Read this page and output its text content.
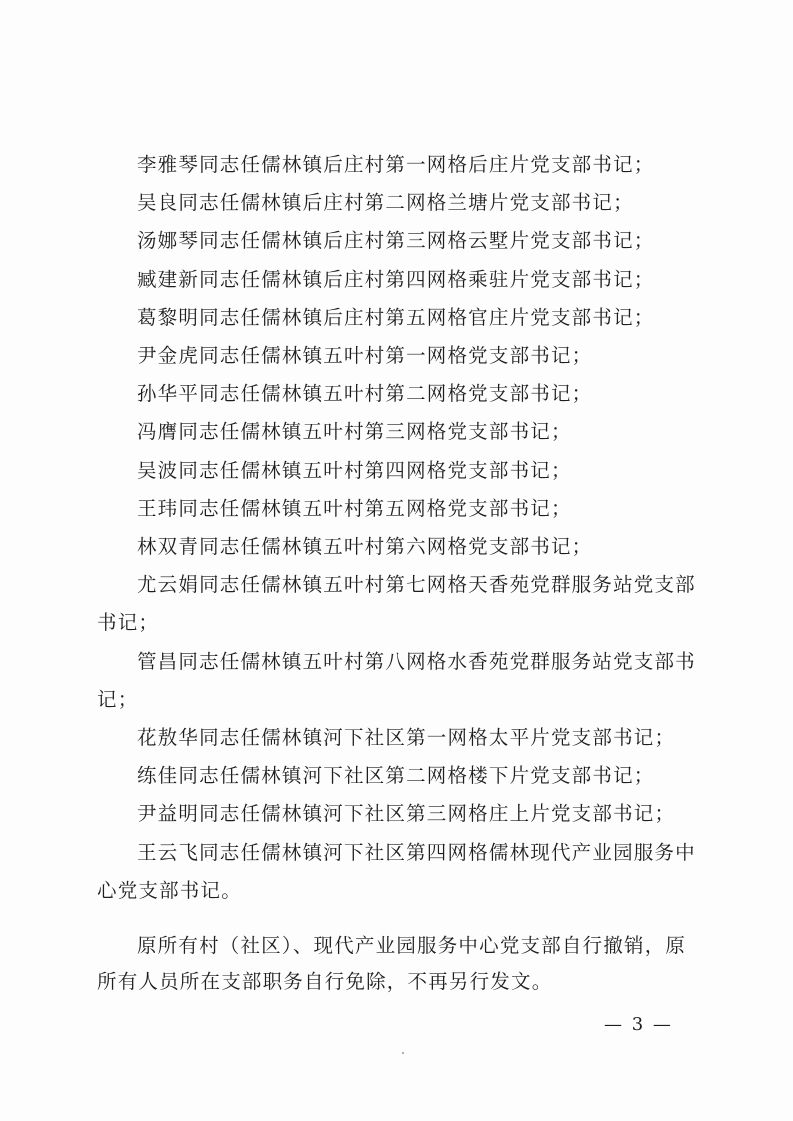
李雅琴同志任儒林镇后庄村第一网格后庄片党支部书记；

吴良同志任儒林镇后庄村第二网格兰塘片党支部书记；

汤娜琴同志任儒林镇后庄村第三网格云墅片党支部书记；

臧建新同志任儒林镇后庄村第四网格乘驻片党支部书记；

葛黎明同志任儒林镇后庄村第五网格官庄片党支部书记；

尹金虎同志任儒林镇五叶村第一网格党支部书记；

孙华平同志任儒林镇五叶村第二网格党支部书记；

冯膺同志任儒林镇五叶村第三网格党支部书记；

吴波同志任儒林镇五叶村第四网格党支部书记；

王玮同志任儒林镇五叶村第五网格党支部书记；

林双青同志任儒林镇五叶村第六网格党支部书记；

尤云娟同志任儒林镇五叶村第七网格天香苑党群服务站党支部书记；

管昌同志任儒林镇五叶村第八网格水香苑党群服务站党支部书记；

花敖华同志任儒林镇河下社区第一网格太平片党支部书记；

练佳同志任儒林镇河下社区第二网格楼下片党支部书记；

尹益明同志任儒林镇河下社区第三网格庄上片党支部书记；

王云飞同志任儒林镇河下社区第四网格儒林现代产业园服务中心党支部书记。

原所有村（社区）、现代产业园服务中心党支部自行撤销，原所有人员所在支部职务自行免除，不再另行发文。

— 3 —
